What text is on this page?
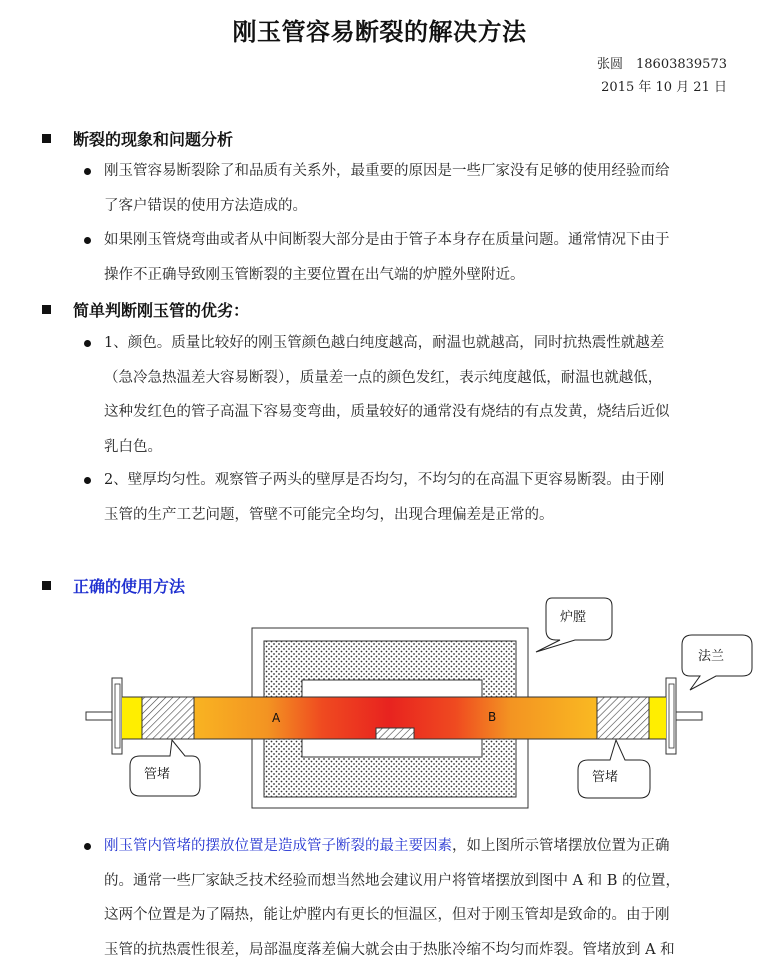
刚玉管容易断裂的解决方法
张圆　18603839573
2015 年 10 月 21 日
断裂的现象和问题分析
刚玉管容易断裂除了和品质有关系外，最重要的原因是一些厂家没有足够的使用经验而给
了客户错误的使用方法造成的。
如果刚玉管烧弯曲或者从中间断裂大部分是由于管子本身存在质量问题。通常情况下由于
操作不正确导致刚玉管断裂的主要位置在出气端的炉膛外壁附近。
简单判断刚玉管的优劣：
1、颜色。质量比较好的刚玉管颜色越白纯度越高，耐温也就越高，同时抗热震性就越差
（急冷急热温差大容易断裂），质量差一点的颜色发红，表示纯度越低，耐温也就越低，
这种发红色的管子高温下容易变弯曲，质量较好的通常没有烧结的有点发黄，烧结后近似
乳白色。
2、壁厚均匀性。观察管子两头的壁厚是否均匀，不均匀的在高温下更容易断裂。由于刚
玉管的生产工艺问题，管壁不可能完全均匀，出现合理偏差是正常的。
正确的使用方法
A	B
炉膛
法兰
管堵	管堵
刚玉管内管堵的摆放位置是造成管子断裂的最主要因素，如上图所示管堵摆放位置为正确
的。通常一些厂家缺乏技术经验而想当然地会建议用户将管堵摆放到图中 A 和 B 的位置，
这两个位置是为了隔热，能让炉膛内有更长的恒温区，但对于刚玉管却是致命的。由于刚
玉管的抗热震性很差，局部温度落差偏大就会由于热胀冷缩不均匀而炸裂。管堵放到 A 和
